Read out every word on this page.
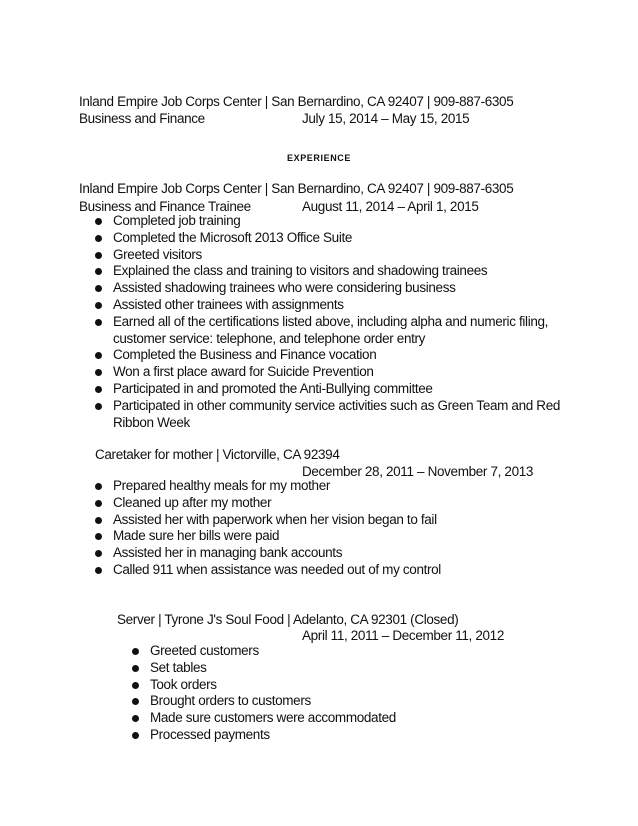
Inland Empire Job Corps Center | San Bernardino, CA 92407 | 909-887-6305
Business and Finance	July 15, 2014 – May 15, 2015
EXPERIENCE
Inland Empire Job Corps Center | San Bernardino, CA 92407 | 909-887-6305
Business and Finance Trainee	August 11, 2014 – April 1, 2015
Completed job training
Completed the Microsoft 2013 Office Suite
Greeted visitors
Explained the class and training to visitors and shadowing trainees
Assisted shadowing trainees who were considering business
Assisted other trainees with assignments
Earned all of the certifications listed above, including alpha and numeric filing,
customer service: telephone, and telephone order entry
Completed the Business and Finance vocation
Won a first place award for Suicide Prevention
Participated in and promoted the Anti-Bullying committee
Participated in other community service activities such as Green Team and Red
Ribbon Week
Caretaker for mother | Victorville, CA 92394
December 28, 2011 – November 7, 2013
Prepared healthy meals for my mother
Cleaned up after my mother
Assisted her with paperwork when her vision began to fail
Made sure her bills were paid
Assisted her in managing bank accounts
Called 911 when assistance was needed out of my control
Server | Tyrone J's Soul Food | Adelanto, CA 92301 (Closed)
April 11, 2011 – December 11, 2012
Greeted customers
Set tables
Took orders
Brought orders to customers
Made sure customers were accommodated
Processed payments
